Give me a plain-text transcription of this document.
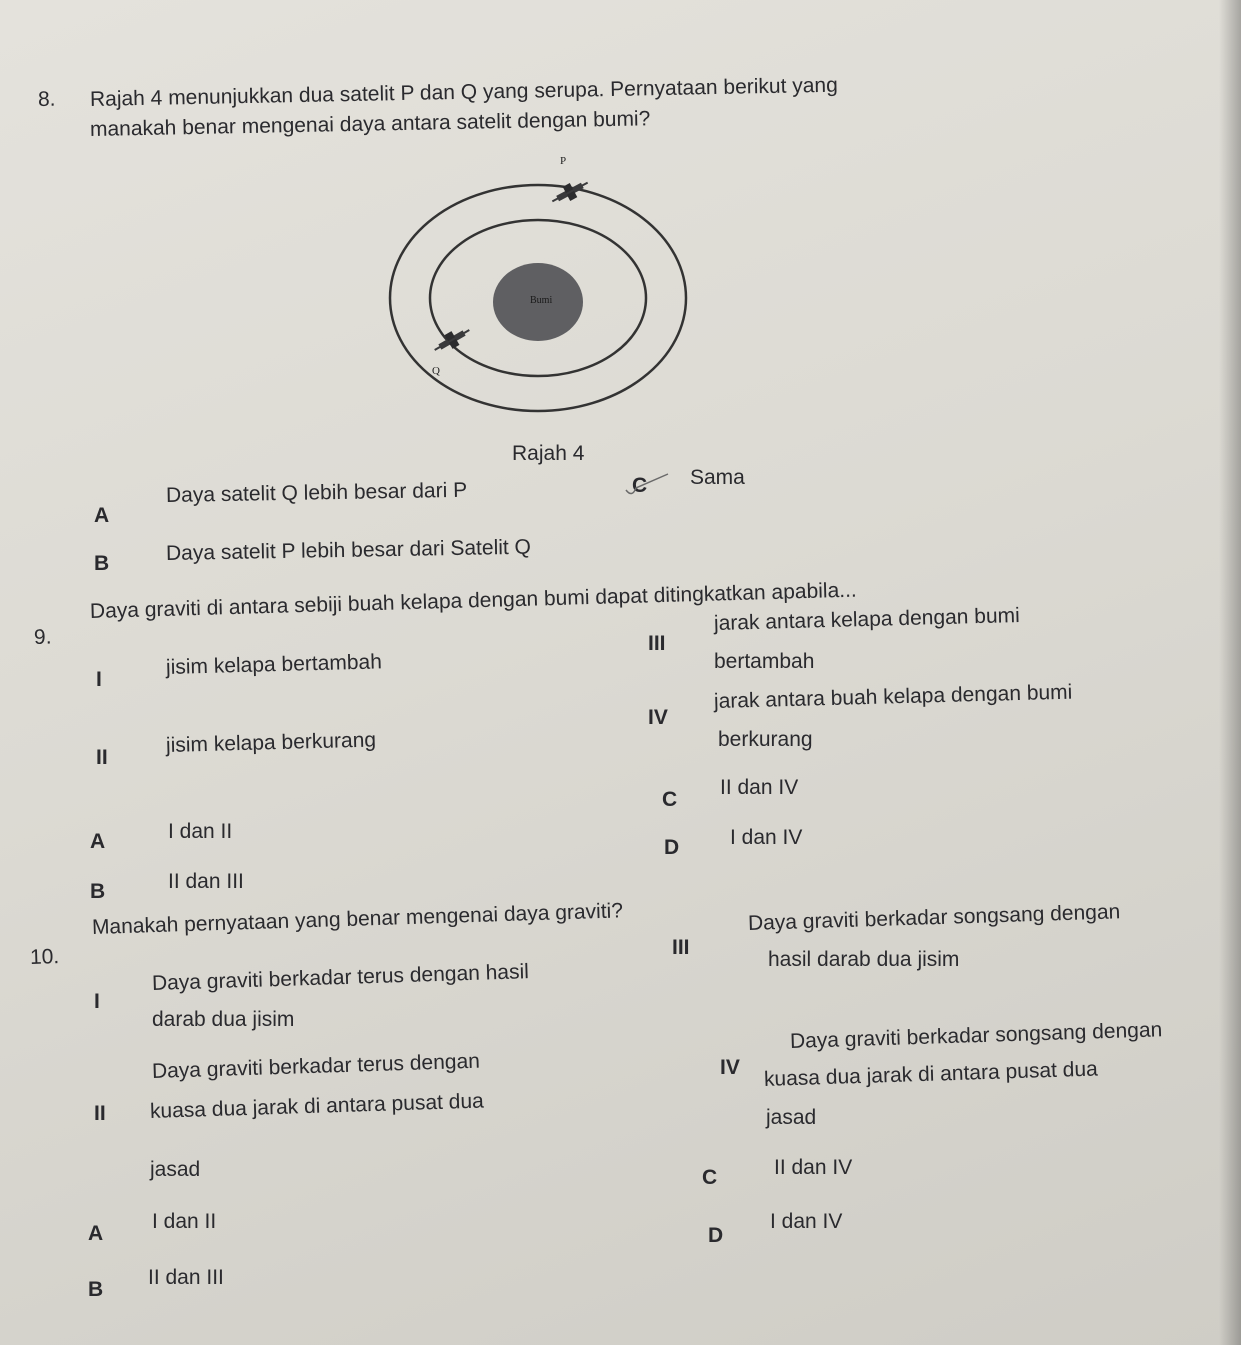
8. Rajah 4 menunjukkan dua satelit P dan Q yang serupa. Pernyataan berikut yang
manakah benar mengenai daya antara satelit dengan bumi?
Bumi
P
Q
Rajah 4
A
Daya satelit Q lebih besar dari P
B	Daya satelit P lebih besar dari Satelit Q
C Sama
9.
Daya graviti di antara sebiji buah kelapa dengan bumi dapat ditingkatkan apabila...
I
jisim kelapa bertambah
II
jisim kelapa berkurang
III
jarak antara kelapa dengan bumi
bertambah
IV
jarak antara buah kelapa dengan bumi
berkurang
A	I dan II
B	II dan III
C
II dan IV
D I dan IV
10.
Manakah pernyataan yang benar mengenai daya graviti?
I
Daya graviti berkadar terus dengan hasil
darab dua jisim
II
Daya graviti berkadar terus dengan
kuasa dua jarak di antara pusat dua
jasad
III
Daya graviti berkadar songsang dengan
hasil darab dua jisim
IV
Daya graviti berkadar songsang dengan
kuasa dua jarak di antara pusat dua
jasad
A
I dan II
B
II dan III
C	II dan IV
D
I dan IV
